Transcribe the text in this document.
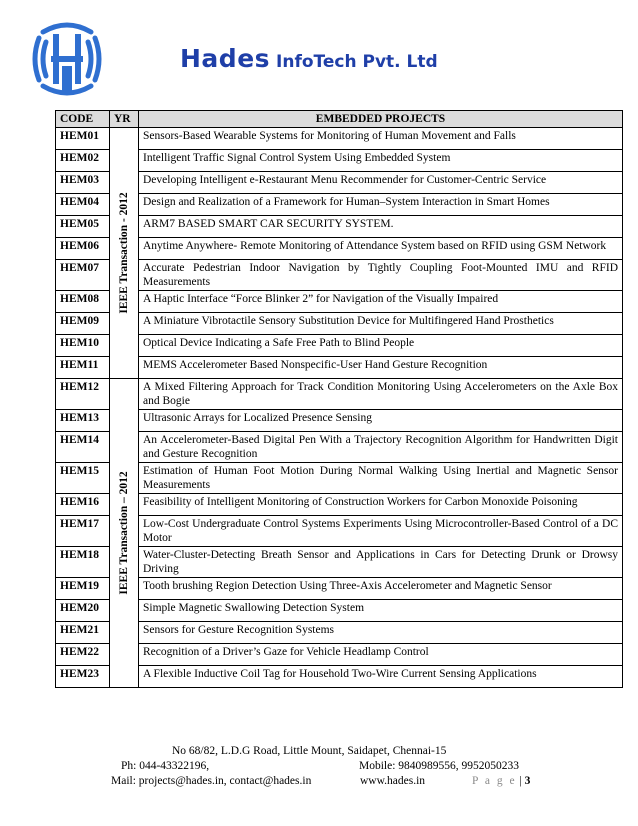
Hades InfoTech Pvt. Ltd
CODE	YR	EMBEDDED PROJECTS
HEM01	IEEE Transaction - 2012	Sensors-Based Wearable Systems for Monitoring of Human Movement and Falls
HEM02		Intelligent Traffic Signal Control System Using Embedded System
HEM03		Developing Intelligent e-Restaurant Menu Recommender for Customer-Centric Service
HEM04		Design and Realization of a Framework for Human–System Interaction in Smart Homes
HEM05		ARM7 BASED SMART CAR SECURITY SYSTEM.
HEM06		Anytime Anywhere- Remote Monitoring of Attendance System based on RFID using GSM Network
HEM07		Accurate Pedestrian Indoor Navigation by Tightly Coupling Foot-Mounted IMU and RFID Measurements
HEM08		A Haptic Interface “Force Blinker 2” for Navigation of the Visually Impaired
HEM09		A Miniature Vibrotactile Sensory Substitution Device for Multifingered Hand Prosthetics
HEM10		Optical Device Indicating a Safe Free Path to Blind People
HEM11		MEMS Accelerometer Based Nonspecific-User Hand Gesture Recognition
HEM12	IEEE Transaction – 2012	A Mixed Filtering Approach for Track Condition Monitoring Using Accelerometers on the Axle Box and Bogie
HEM13		Ultrasonic Arrays for Localized Presence Sensing
HEM14		An Accelerometer-Based Digital Pen With a Trajectory Recognition Algorithm for Handwritten Digit and Gesture Recognition
HEM15		Estimation of Human Foot Motion During Normal Walking Using Inertial and Magnetic Sensor Measurements
HEM16		Feasibility of Intelligent Monitoring of Construction Workers for Carbon Monoxide Poisoning
HEM17		Low-Cost Undergraduate Control Systems Experiments Using Microcontroller-Based Control of a DC Motor
HEM18		Water-Cluster-Detecting Breath Sensor and Applications in Cars for Detecting Drunk or Drowsy Driving
HEM19		Tooth brushing Region Detection Using Three-Axis Accelerometer and Magnetic Sensor
HEM20		Simple Magnetic Swallowing Detection System
HEM21		Sensors for Gesture Recognition Systems
HEM22		Recognition of a Driver’s Gaze for Vehicle Headlamp Control
HEM23		A Flexible Inductive Coil Tag for Household Two-Wire Current Sensing Applications
No 68/82, L.D.G Road, Little Mount, Saidapet, Chennai-15
Ph: 044-43322196,	Mobile: 9840989556, 9952050233
Mail: projects@hades.in, contact@hades.in	www.hades.in	P a g e | 3
